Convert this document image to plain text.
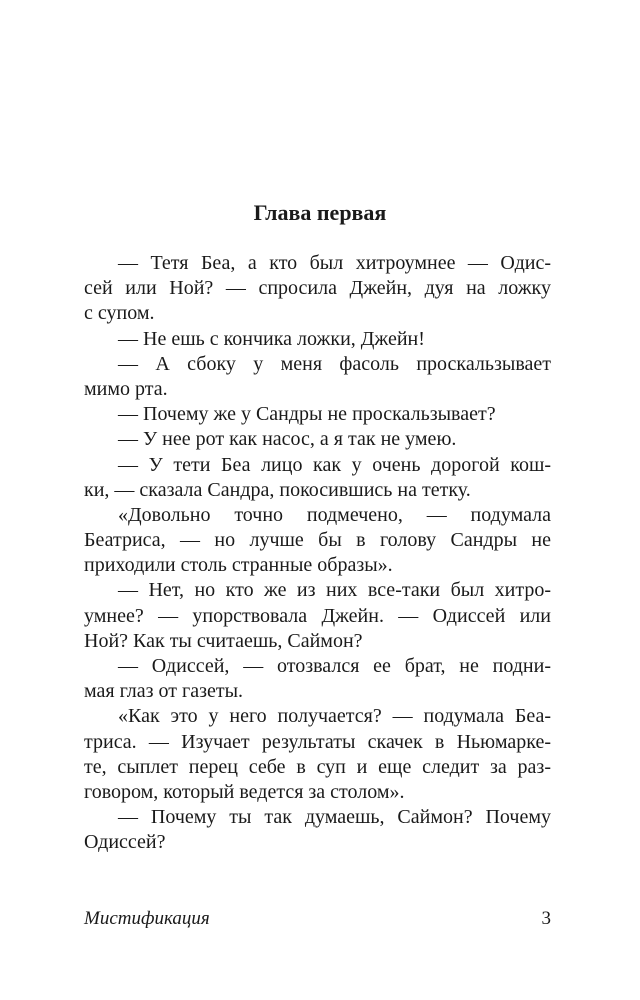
Глава первая
— Тетя Беа, а кто был хитроумнее — Одис-
сей или Ной? — спросила Джейн, дуя на ложку
с супом.
— Не ешь с кончика ложки, Джейн!
— А сбоку у меня фасоль проскальзывает
мимо рта.
— Почему же у Сандры не проскальзывает?
— У нее рот как насос, а я так не умею.
— У тети Беа лицо как у очень дорогой кош-
ки, — сказала Сандра, покосившись на тетку.
«Довольно точно подмечено, — подумала
Беатриса, — но лучше бы в голову Сандры не
приходили столь странные образы».
— Нет, но кто же из них все-таки был хитро-
умнее? — упорствовала Джейн. — Одиссей или
Ной? Как ты считаешь, Саймон?
— Одиссей, — отозвался ее брат, не подни-
мая глаз от газеты.
«Как это у него получается? — подумала Беа-
триса. — Изучает результаты скачек в Ньюмарке-
те, сыплет перец себе в суп и еще следит за раз-
говором, который ведется за столом».
— Почему ты так думаешь, Саймон? Почему
Одиссей?
Мистификация	3
